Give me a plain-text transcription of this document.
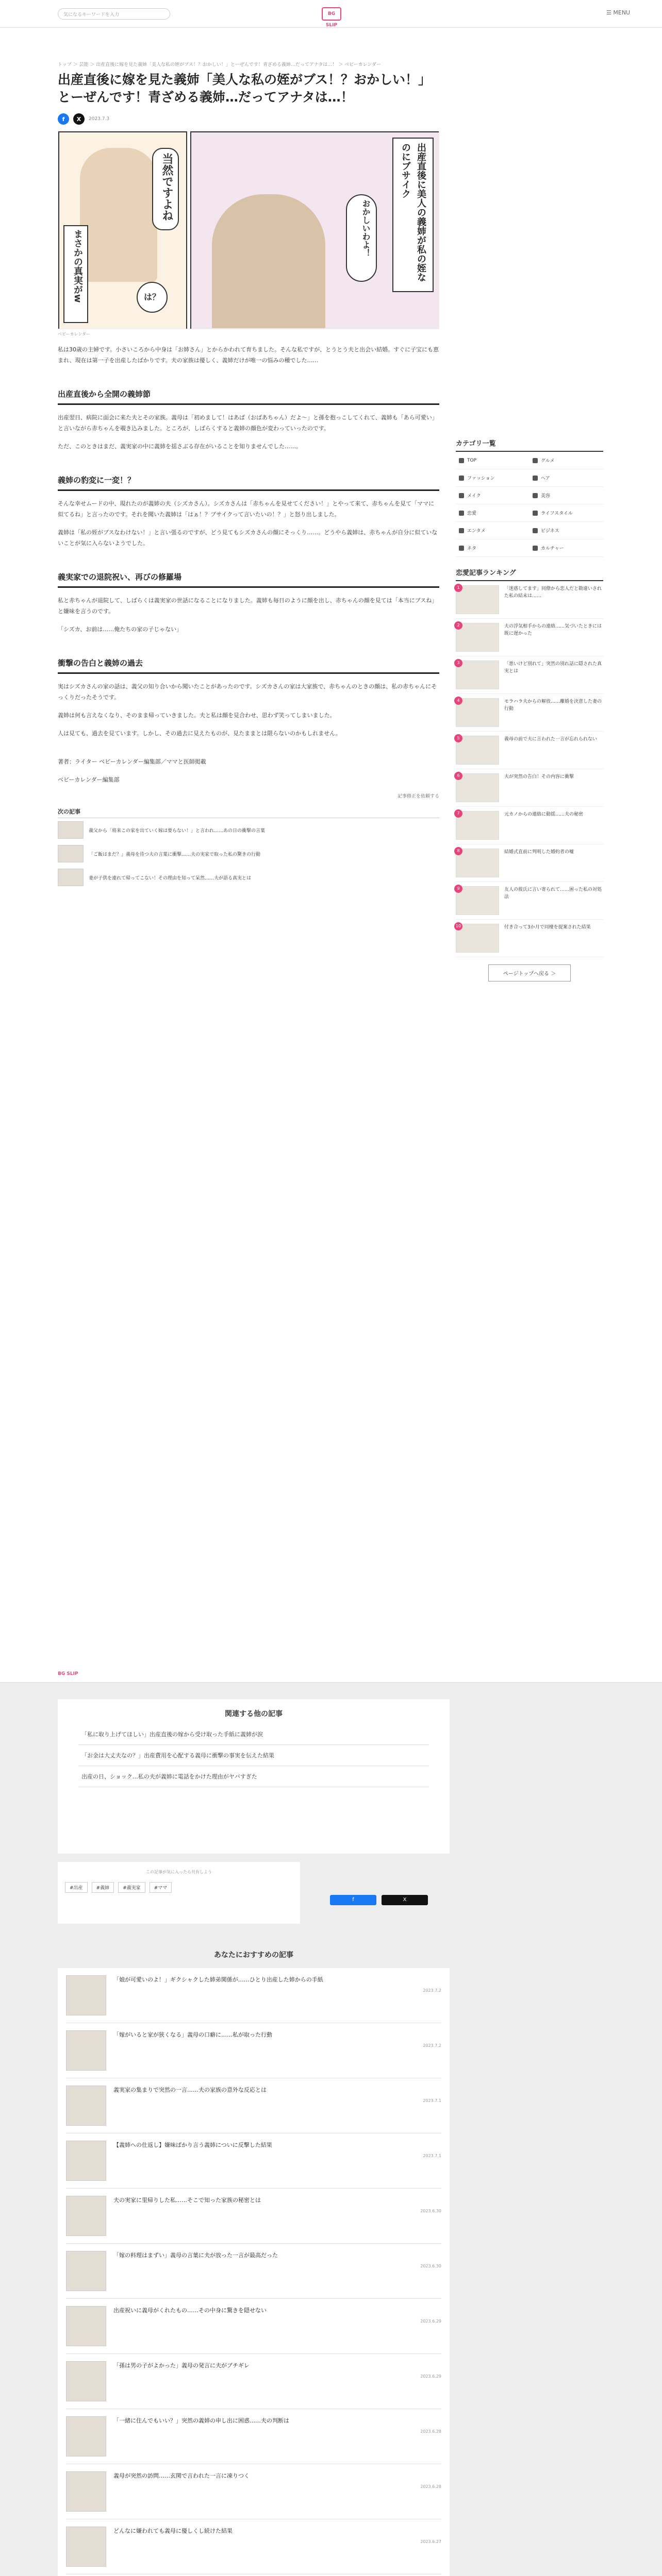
気になるキーワードを入力	BG SLIP
☰ MENU
トップ ＞ 芸能 ＞ 出産直後に嫁を見た義姉「美人な私の姪がブス！？おかしい！」とーぜんです！青ざめる義姉…だってアナタは…！ ＞ ベビーカレンダー
出産直後に嫁を見た義姉「美人な私の姪がブス！？おかしい！」とーぜんです！青ざめる義姉…だってアナタは…！
f	X	2023.7.3
当然ですよね
まさかの真実がw	は？
出産直後に美人の義姉が私の姪なのにブサイク
おかしいわよ！
ベビーカレンダー

私は30歳の主婦です。小さいころから中身は「お姉さん」とからかわれて育ちました。そんな私ですが、とうとう夫と出会い結婚。すぐに子宝にも恵まれ、現在は第一子を出産したばかりです。夫の家族は優しく、義姉だけが唯一の悩みの種でした……

出産直後から全開の義姉節

出産翌日、病院に面会に来た夫とその家族。義母は「初めまして！はあば（おばあちゃん）だよ〜」と孫を抱っこしてくれて、義姉も「あら可愛い」と言いながら赤ちゃんを覗き込みました。ところが、しばらくすると義姉の顔色が変わっていったのです。

ただ、このときはまだ、義実家の中に義姉を揺さぶる存在がいることを知りませんでした……。

義姉の豹変に一変！？

そんな幸せムードの中、現れたのが義姉の夫（シズカさん）。シズカさんは「赤ちゃんを見せてください！」とやって来て、赤ちゃんを見て「ママに似てるね」と言ったのです。それを聞いた義姉は「はぁ！？ブサイクって言いたいの！？」と怒り出しました。

義姉は「私の姪がブスなわけない！」と言い張るのですが、どう見てもシズカさんの顔にそっくり……。どうやら義姉は、赤ちゃんが自分に似ていないことが気に入らないようでした。

義実家での退院祝い、再びの修羅場

私と赤ちゃんが退院して、しばらくは義実家の世話になることになりました。義姉も毎日のように顔を出し、赤ちゃんの顔を見ては「本当にブスね」と嫌味を言うのです。

「シズカ、お前は……俺たちの家の子じゃない」

衝撃の告白と義姉の過去

実はシズカさんの家の話は、義父の知り合いから聞いたことがあったのです。シズカさんの家は大家族で、赤ちゃんのときの顔は、私の赤ちゃんにそっくりだったそうです。

義姉は何も言えなくなり、そのまま帰っていきました。夫と私は顔を見合わせ、思わず笑ってしまいました。

人は見ても、過去を見ています。しかし、その過去に見えたものが、見たままとは限らないのかもしれません。

著者：ライター ベビーカレンダー編集部／ママと医師掲載

ベビーカレンダー編集部

記事修正を依頼する
次の記事
義父から「将来この家を出ていく嫁は要らない！」と言われ……あの日の衝撃の言葉
「ご飯はまだ？」義母を待つ夫の言葉に衝撃……夫の実家で取った私の驚きの行動
妻が子供を連れて帰ってこない！その理由を知って呆然……夫が語る真実とは
カテゴリ一覧
TOP	グルメ
ファッション	ヘア
メイク	美容
恋愛	ライフスタイル
エンタメ	ビジネス
ネタ	カルチャー
恋愛記事ランキング
1	「迷惑してます」同僚から恋人だと勘違いされた私の結末は……
2	夫の浮気相手からの連絡……気づいたときには既に遅かった
3	「悪いけど別れて」突然の別れ話に隠された真実とは
4	モラハラ夫からの解放……離婚を決意した妻の行動
5	義母の前で夫に言われた一言が忘れられない
6	夫が突然の告白！その内容に衝撃
7	元カノからの連絡に動揺……夫の秘密
8	結婚式直前に判明した婚約者の嘘
9	友人の彼氏に言い寄られて……困った私の対処法
10	付き合って3か月で同棲を提案された結果
ページトップへ戻る ＞
BG SLIP
関連する他の記事
「私に取り上げてほしい」出産直後の嫁から受け取った手紙に義姉が涙
「お金は大丈夫なの？」出産費用を心配する義母に衝撃の事実を伝えた結果
出産の日、ショック…私の夫が義姉に電話をかけた理由がヤバすぎた
この記事が気に入ったら共有しよう
#出産	#義姉	#義実家	#ママ
f	X
あなたにおすすめの記事
「娘が可愛いのよ！」ギクシャクした姉弟関係が……ひとり出産した姉からの手紙
2023.7.2
「嫁がいると家が狭くなる」義母の口癖に……私が取った行動
2023.7.2
義実家の集まりで突然の一言……夫の家族の意外な反応とは
2023.7.1
【義姉への仕返し】嫌味ばかり言う義姉についに反撃した結果
2023.7.1
夫の実家に里帰りした私……そこで知った家族の秘密とは
2023.6.30
「嫁の料理はまずい」義母の言葉に夫が放った一言が最高だった
2023.6.30
出産祝いに義母がくれたもの……その中身に驚きを隠せない
2023.6.29
「孫は男の子がよかった」義母の発言に夫がブチギレ
2023.6.29
「一緒に住んでもいい？」突然の義姉の申し出に困惑……夫の判断は
2023.6.28
義母が突然の訪問……玄関で言われた一言に凍りつく
2023.6.28
どんなに嫌われても義母に優しくし続けた結果
2023.6.27
